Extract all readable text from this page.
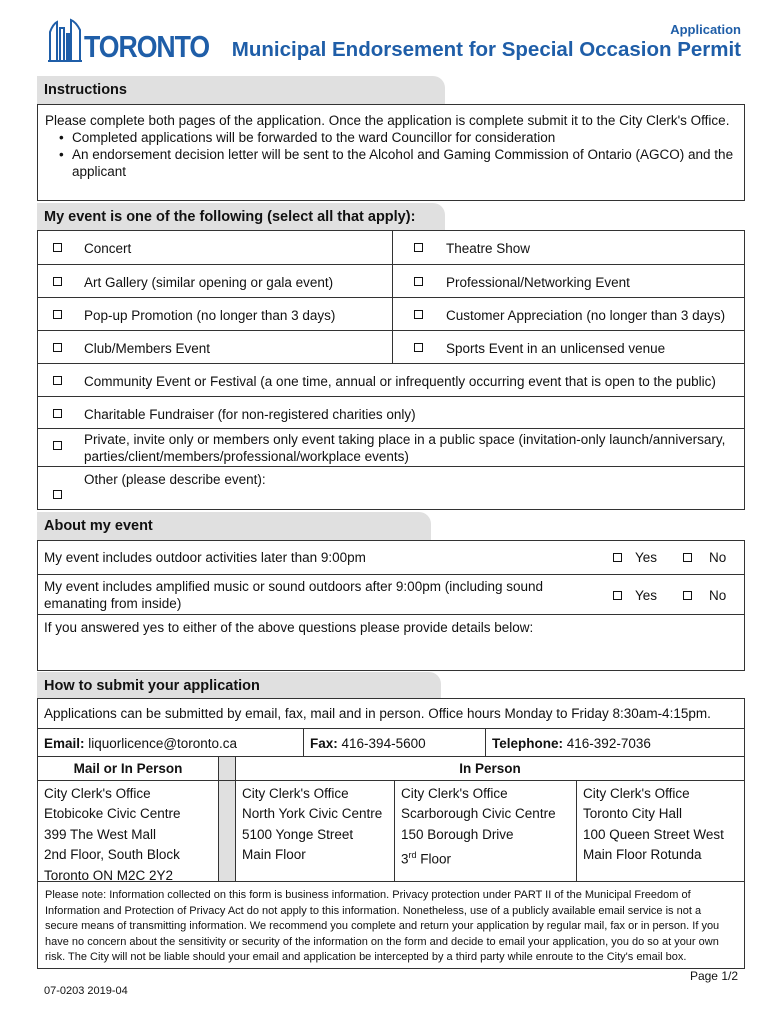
TORONTO	Application
Municipal Endorsement for Special Occasion Permit
Instructions
Please complete both pages of the application. Once the application is complete submit it to the City Clerk's Office.
• Completed applications will be forwarded to the ward Councillor for consideration
• An endorsement decision letter will be sent to the Alcohol and Gaming Commission of Ontario (AGCO) and the applicant
My event is one of the following (select all that apply):
Concert	Theatre Show
Art Gallery (similar opening or gala event)	Professional/Networking Event
Pop-up Promotion (no longer than 3 days)	Customer Appreciation (no longer than 3 days)
Club/Members Event	Sports Event in an unlicensed venue
Community Event or Festival (a one time, annual or infrequently occurring event that is open to the public)
Charitable Fundraiser (for non-registered charities only)
Private, invite only or members only event taking place in a public space (invitation-only launch/anniversary, parties/client/members/professional/workplace events)
Other (please describe event):
About my event
My event includes outdoor activities later than 9:00pm	Yes	No
My event includes amplified music or sound outdoors after 9:00pm (including sound emanating from inside)
Yes	No
If you answered yes to either of the above questions please provide details below:
How to submit your application
Applications can be submitted by email, fax, mail and in person. Office hours Monday to Friday 8:30am-4:15pm.
Email: liquorlicence@toronto.ca	Fax: 416-394-5600	Telephone: 416-392-7036
Mail or In Person	In Person
City Clerk's Office
Etobicoke Civic Centre
399 The West Mall
2nd Floor, South Block
Toronto ON M2C 2Y2
City Clerk's Office
North York Civic Centre
5100 Yonge Street
Main Floor
City Clerk's Office
Scarborough Civic Centre
150 Borough Drive
3rd Floor
City Clerk's Office
Toronto City Hall
100 Queen Street West
Main Floor Rotunda
Please note: Information collected on this form is business information. Privacy protection under PART II of the Municipal Freedom of Information and Protection of Privacy Act do not apply to this information. Nonetheless, use of a publicly available email service is not a secure means of transmitting information. We recommend you complete and return your application by regular mail, fax or in person. If you have no concern about the sensitivity or security of the information on the form and decide to email your application, you do so at your own risk. The City will not be liable should your email and application be intercepted by a third party while enroute to the City's email box.
Page 1/2
07-0203 2019-04
